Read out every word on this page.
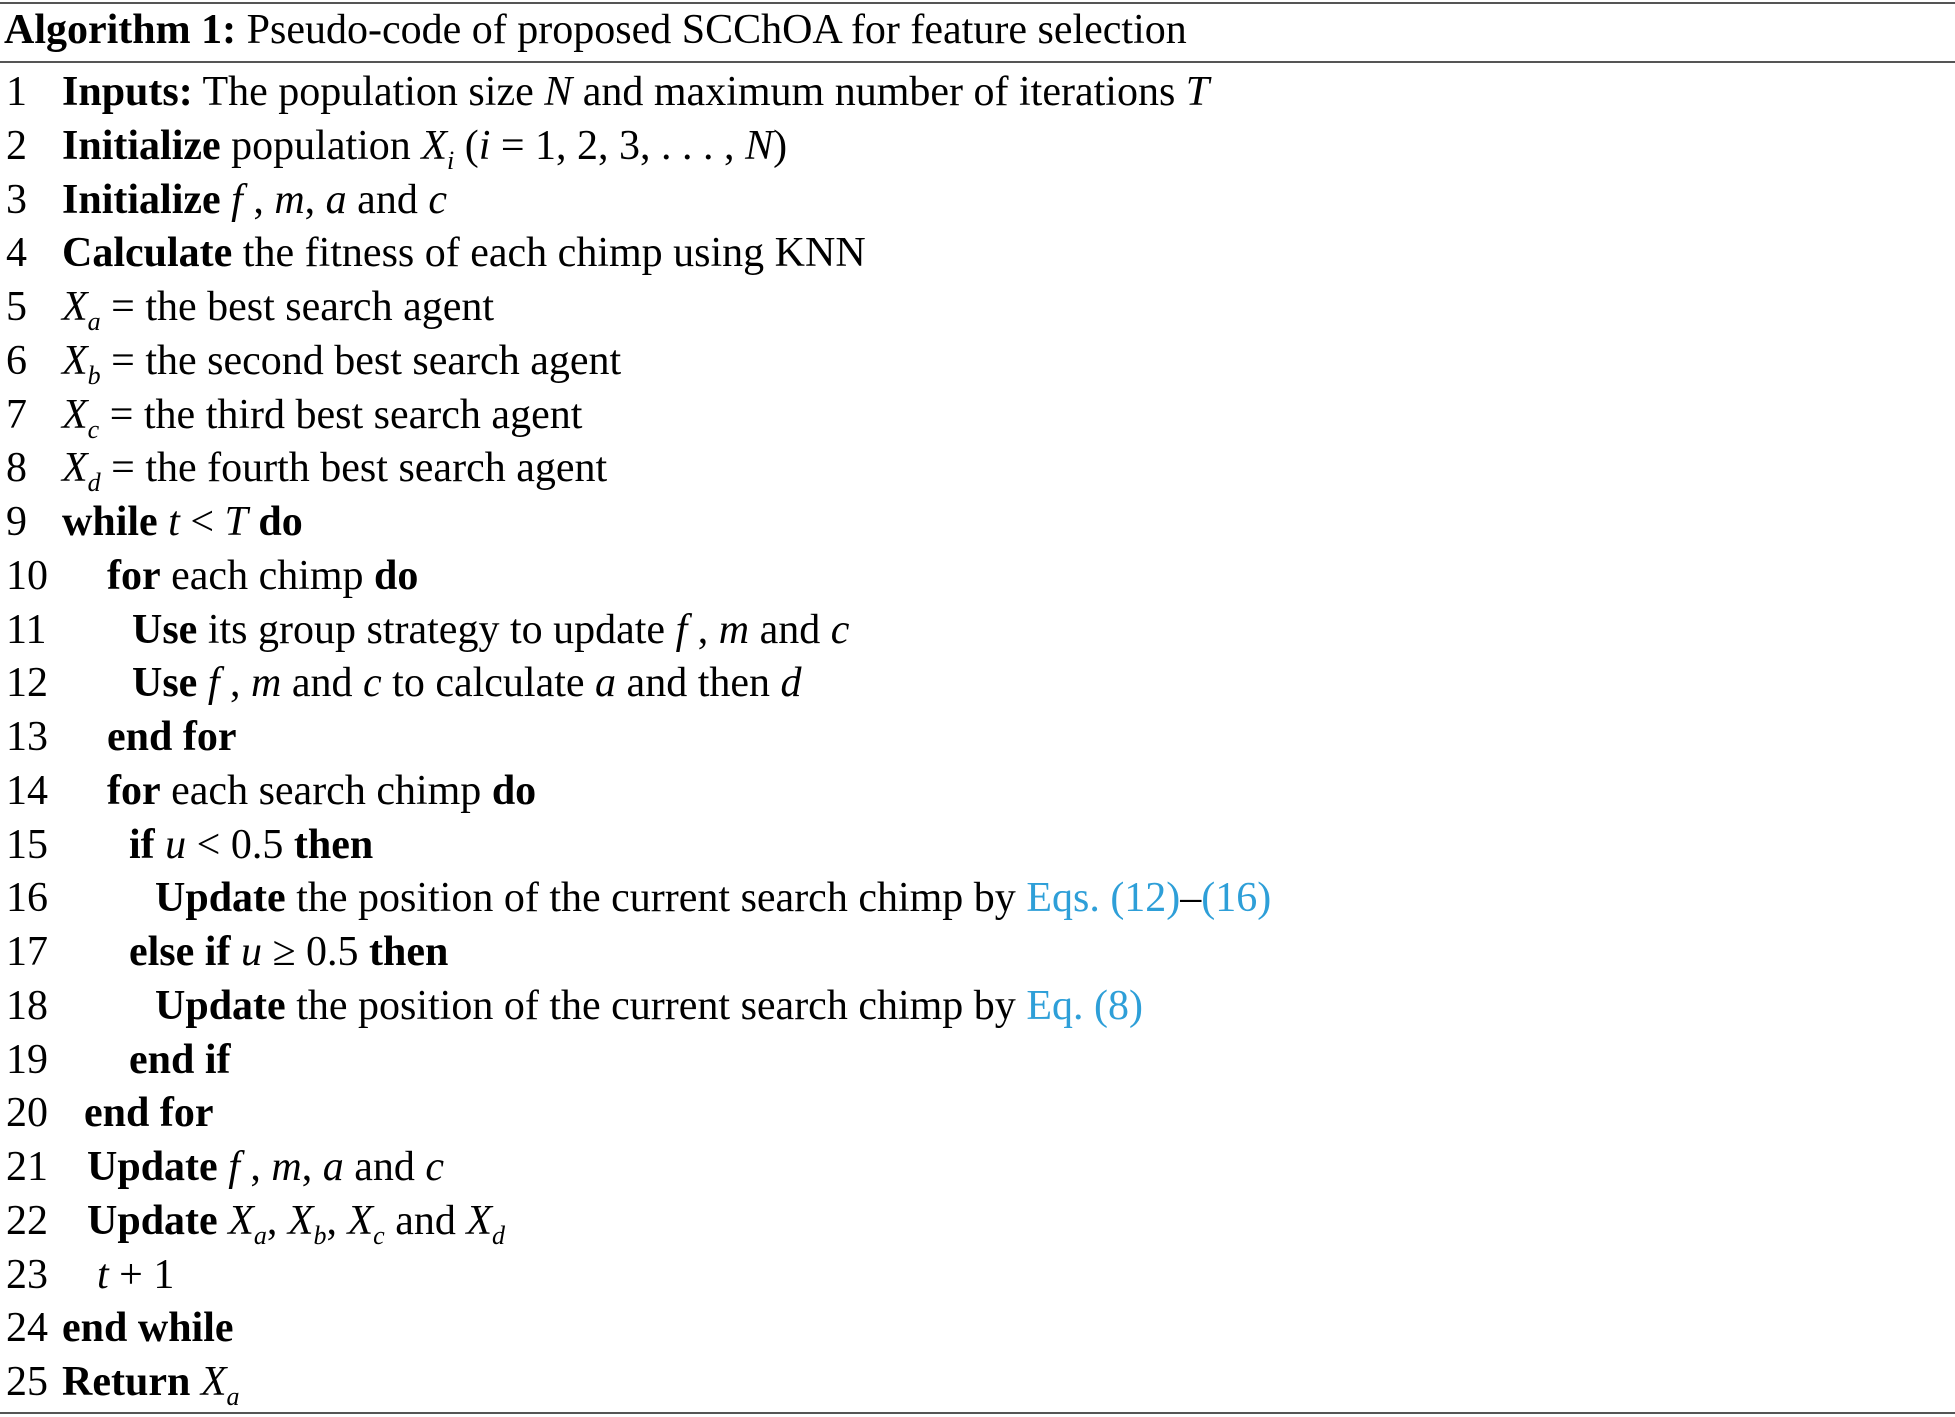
Algorithm 1: Pseudo-code of proposed SCChOA for feature selection
1 Inputs: The population size N and maximum number of iterations T
2 Initialize population $X_i$ (i = 1, 2, 3, . . . , N)
3 Initialize f , m, a and c
4 Calculate the fitness of each chimp using KNN
5 $X_a$ = the best search agent
6 $X_b$ = the second best search agent
7 $X_c$ = the third best search agent
8 $X_d$ = the fourth best search agent
9 while t < T do
10 for each chimp do
11 Use its group strategy to update f , m and c
12 Use f , m and c to calculate a and then d
13 end for
14 for each search chimp do
15 if u < 0.5 then
16	Update the position of the current search chimp by Eqs. (12)–(16)
17 else if u ≥ 0.5 then
18	Update the position of the current search chimp by Eq. (8)
19 end if
20 end for
21 Update f , m, a and c
22 Update $X_a$, $X_b$, $X_c$ and $X_d$
23 t + 1
24 end while
25 Return $X_a$
